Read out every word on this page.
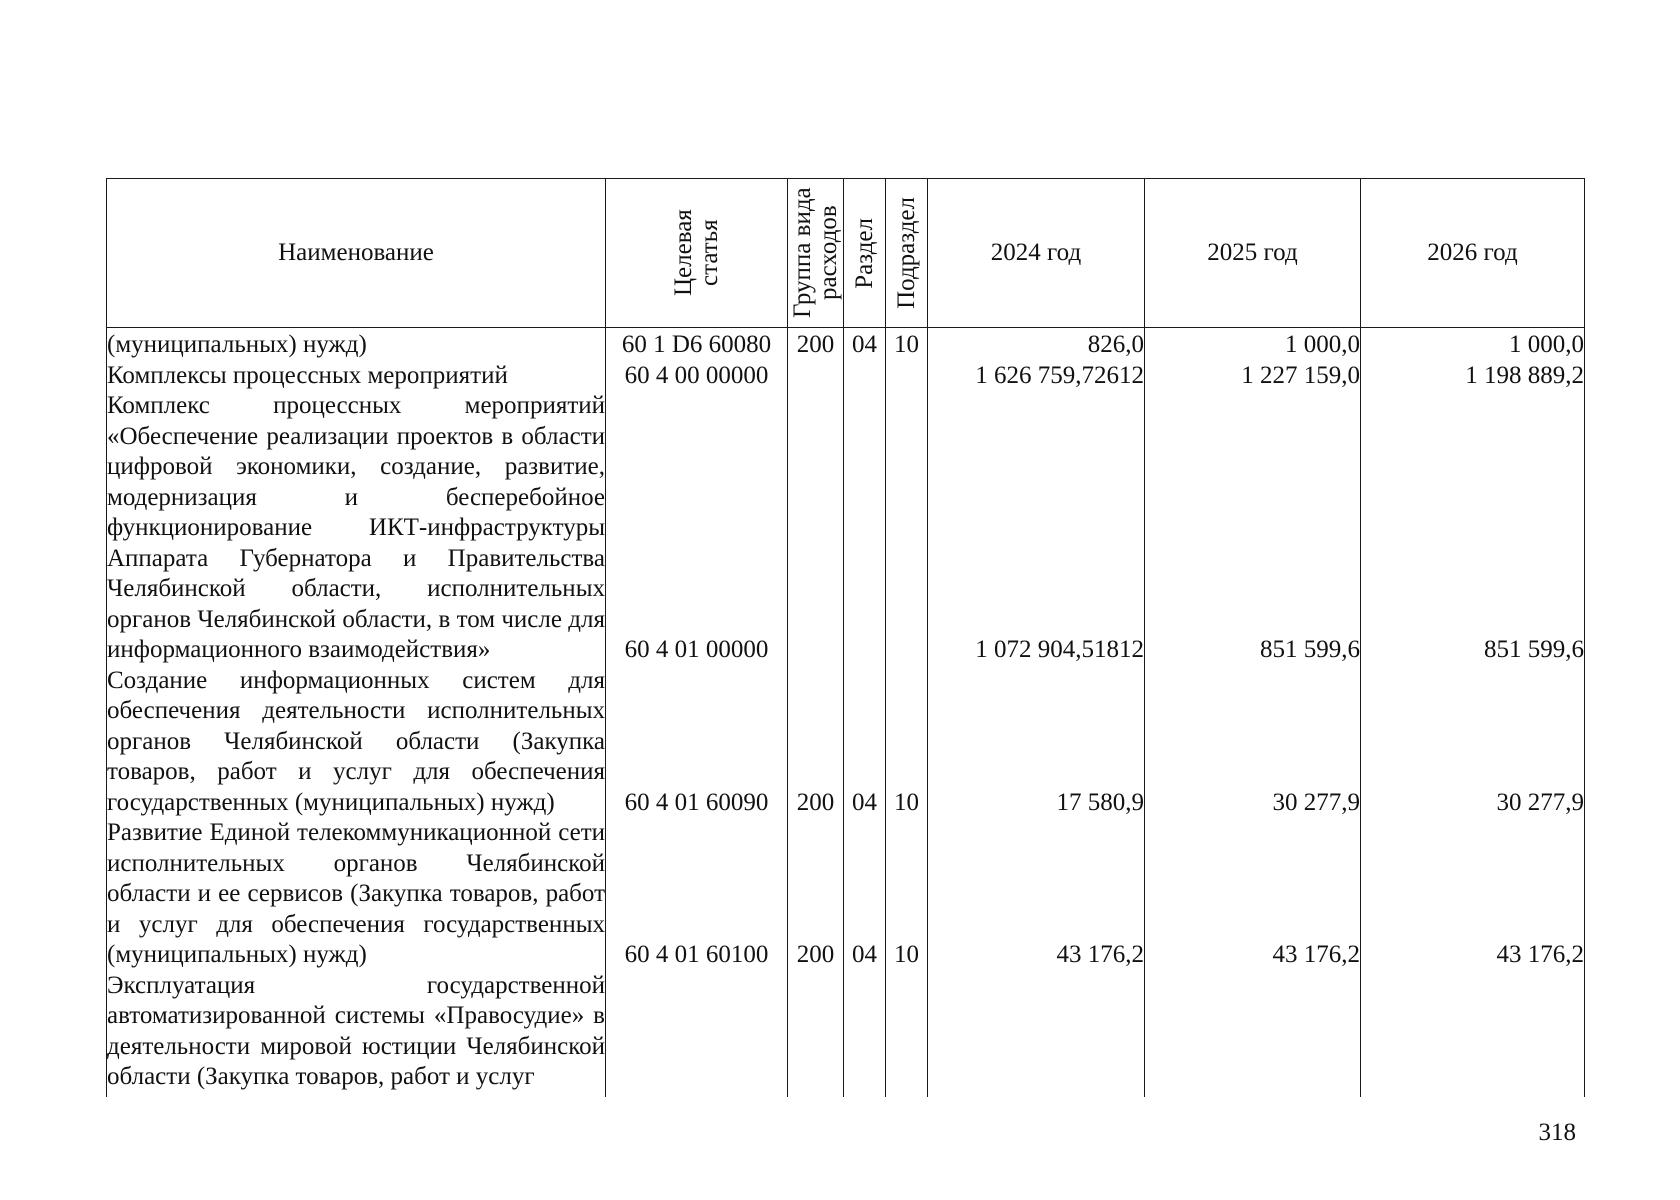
Наименование	Целевая статья	Группа вида расходов	Раздел	Подраздел	2024 год	2025 год	2026 год
(муниципальных) нужд)	60 1 D6 60080	200	04	10	826,0	1 000,0	1 000,0
Комплексы процессных мероприятий	60 4 00 00000				1 626 759,72612	1 227 159,0	1 198 889,2
Комплекс процессных мероприятий «Обеспечение реализации проектов в области цифровой экономики, создание, развитие, модернизация и бесперебойное функционирование ИКТ-инфраструктуры Аппарата Губернатора и Правительства Челябинской области, исполнительных органов Челябинской области, в том числе для информационного взаимодействия»	60 4 01 00000				1 072 904,51812	851 599,6	851 599,6
Создание информационных систем для обеспечения деятельности исполнительных органов Челябинской области (Закупка товаров, работ и услуг для обеспечения государственных (муниципальных) нужд)	60 4 01 60090	200	04	10	17 580,9	30 277,9	30 277,9
Развитие Единой телекоммуникационной сети исполнительных органов Челябинской области и ее сервисов (Закупка товаров, работ и услуг для обеспечения государственных (муниципальных) нужд)	60 4 01 60100	200	04	10	43 176,2	43 176,2	43 176,2
Эксплуатация государственной автоматизированной системы «Правосудие» в деятельности мировой юстиции Челябинской области (Закупка товаров, работ и услуг							

318
